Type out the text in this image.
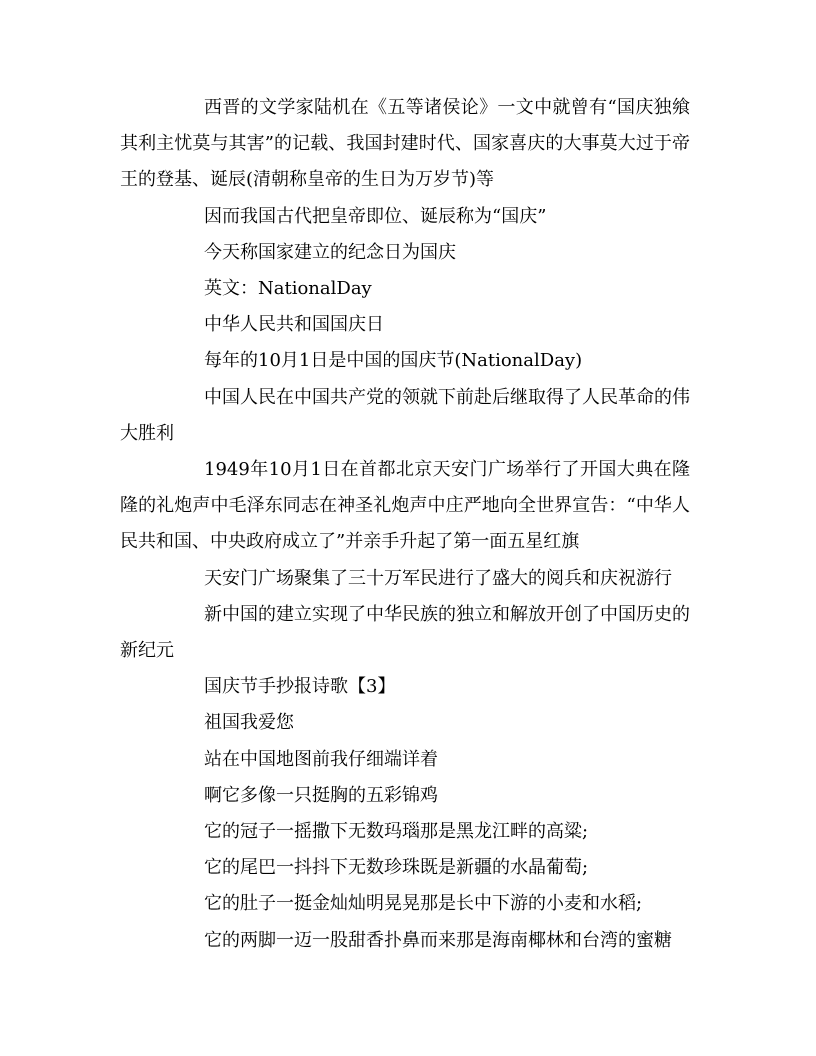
西晋的文学家陆机在《五等诸侯论》一文中就曾有“国庆独飨其利主忧莫与其害”的记载、我国封建时代、国家喜庆的大事莫大过于帝王的登基、诞辰(清朝称皇帝的生日为万岁节)等

因而我国古代把皇帝即位、诞辰称为“国庆”

今天称国家建立的纪念日为国庆

英文：NationalDay

中华人民共和国国庆日

每年的10月1日是中国的国庆节(NationalDay)

中国人民在中国共产党的领就下前赴后继取得了人民革命的伟大胜利

1949年10月1日在首都北京天安门广场举行了开国大典在隆隆的礼炮声中毛泽东同志在神圣礼炮声中庄严地向全世界宣告：“中华人民共和国、中央政府成立了”并亲手升起了第一面五星红旗

天安门广场聚集了三十万军民进行了盛大的阅兵和庆祝游行

新中国的建立实现了中华民族的独立和解放开创了中国历史的新纪元

国庆节手抄报诗歌【3】

祖国我爱您

站在中国地图前我仔细端详着

啊它多像一只挺胸的五彩锦鸡

它的冠子一摇撒下无数玛瑙那是黑龙江畔的高粱;

它的尾巴一抖抖下无数珍珠既是新疆的水晶葡萄;

它的肚子一挺金灿灿明晃晃那是长中下游的小麦和水稻;

它的两脚一迈一股甜香扑鼻而来那是海南椰林和台湾的蜜糖
